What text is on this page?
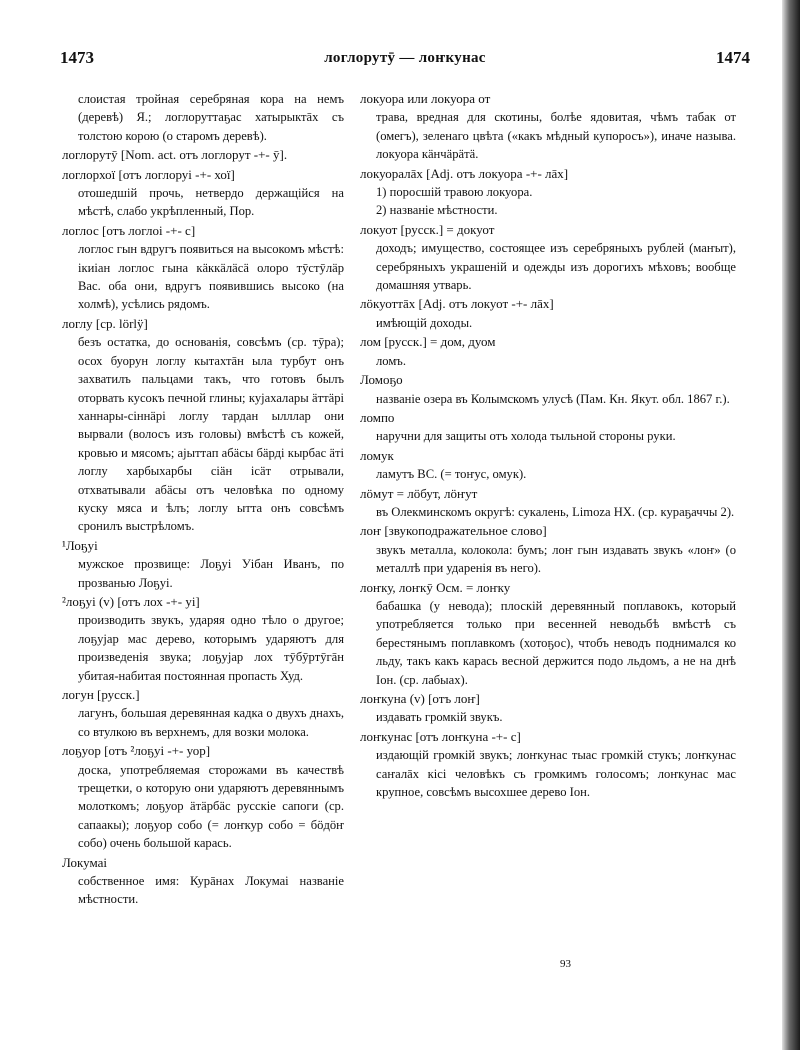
1473	логлорутӯ — лоҥкунас	1474
слоистая тройная серебряная кора на немъ (деревѣ) Я.; логлоруттаҕас хатырыктāх съ толстою корою (о старомъ деревѣ).
логлорутӯ [Nom. act. отъ логлорут -+- ӯ].
логлорхої [отъ логлоруі -+- хої]
отошедшій прочь, нетвердо держащійся на мѣстѣ, слабо укрѣпленный, Пор.
логлос [отъ логлоі -+- с]
логлос гын вдругъ появиться на высокомъ мѣстѣ: ікиіан логлос гына кäккäлäсä олоро тӯстӯлäр Вас. оба они, вдругъ появившись высоко (на холмѣ), усѣлись рядомъ.
логлу [ср. lörlÿ]
безъ остатка, до основанія, совсѣмъ (ср. тӯра); осох буорун логлу кытахтāн ыла турбут онъ захватилъ пальцами такъ, что готовъ былъ оторвать кусокъ печной глины; кујахалары äттäрі ханнары-сіннäрі логлу тардан ылллар они вырвали (волосъ изъ головы) вмѣстѣ съ кожей, кровью и мясомъ; аjыттап абäсы бäрдi кырбас äтi логлу харбыхарбы сіäн ісäт отрывали, отхватывали абäсы отъ человѣка по одному куску мяса и ѣлъ; логлу ытта онъ совсѣмъ сронилъ выстрѣломъ.
¹Лоҕуі
мужское прозвище: Лоҕуі Уібан Иванъ, по прозванью Лоҕуі.
²лоҕуі (v) [отъ лох -+- уі]
производить звукъ, ударяя одно тѣло о другое; лоҕујар мас дерево, которымъ ударяютъ для произведенія звука; лоҕујар лох тӯбӯртӯгāн убитая-набитая постоянная пропасть Худ.
логун [русск.]
лагунъ, большая деревянная кадка о двухъ днахъ, со втулкою въ верхнемъ, для возки молока.
лоҕуор [отъ ²лоҕуі -+- уор]
доска, употребляемая сторожами въ качествѣ трещетки, о которую они ударяютъ деревяннымъ молоткомъ; лоҕуор äтäрбäс русскіе сапоги (ср. сапаакы); лоҕуор собо (= лоҥкур собо = бöдöҥ собо) очень большой карась.
Локумаі
собственное имя: Курāнах Локумаі названіе мѣстности.
локуора или локуора от
трава, вредная для скотины, болѣе ядовитая, чѣмъ табак от (омегъ), зеленаго цвѣта («какъ мѣдный купоросъ»), иначе называ. локуора кäнчäрäтä.
локуоралāх [Adj. отъ локуора -+- лāх]
1) поросшій травою локуора.
2) названіе мѣстности.
локуот [русск.] = докуот
доходъ; имущество, состоящее изъ серебряныхъ рублей (маҥыт), серебряныхъ украшеній и одежды изъ дорогихъ мѣховъ; вообще домашняя утварь.
лöкуоттāх [Adj. отъ локуот -+- лāх]
имѣющій доходы.
лом [русск.] = дом, дуом
ломъ.
Ломоҕо
названіе озера въ Колымскомъ улусѣ (Пам. Кн. Якут. обл. 1867 г.).
ломпо
наручни для защиты отъ холода тыльной стороны руки.
ломук
ламутъ ВС. (= тоҥус, омук).
лöмут = лöбут, лöҥут
въ Олекминскомъ округѣ: сукалень, Limoza НХ. (ср. кураҕаччы 2).
лоҥ [звукоподражательное слово]
звукъ металла, колокола: бумъ; лоҥ гын издавать звукъ «лоҥ» (о металлѣ при ударенія въ него).
лоҥку, лоҥкӯ Осм. = лоҥку
бабашка (у невода); плоскій деревянный поплавокъ, который употребляется только при весенней неводьбѣ вмѣстѣ съ берестянымъ поплавкомъ (хотоҕос), чтобъ неводъ поднимался ко льду, такъ какъ карась весной держится подо льдомъ, а не на днѣ Іон. (ср. лабыах).
лоҥкуна (v) [отъ лоҥ]
издавать громкій звукъ.
лоҥкунас [отъ лоҥкуна -+- с]
издающій громкій звукъ; лоҥкунас тыас громкій стукъ; лоҥкунас саҥалāх кісі человѣкъ съ громкимъ голосомъ; лоҥкунас мас крупное, совсѣмъ высохшее дерево Іон.
93
